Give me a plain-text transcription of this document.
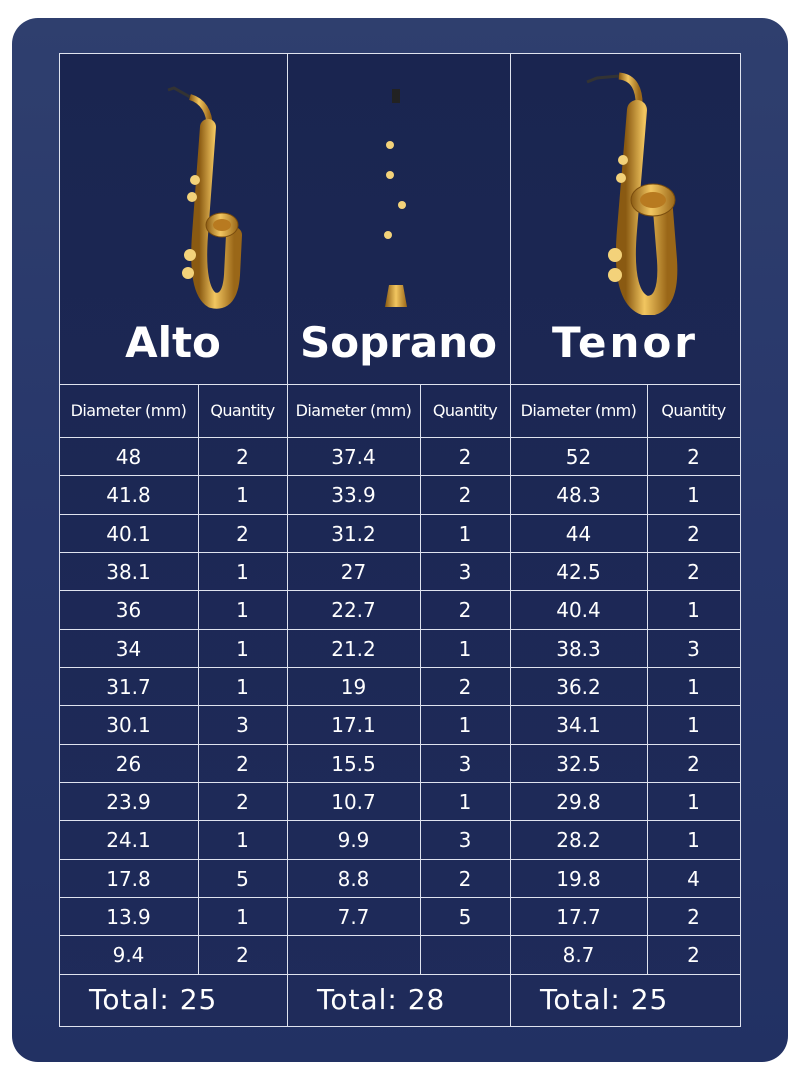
Alto
Diameter (mm)	Quantity
48	2
41.8	1
40.1	2
38.1	1
36	1
34	1
31.7	1
30.1	3
26	2
23.9	2
24.1	1
17.8	5
13.9	1
9.4	2
Total: 25
Soprano
Diameter (mm)	Quantity
37.4	2
33.9	2
31.2	1
27	3
22.7	2
21.2	1
19	2
17.1	1
15.5	3
10.7	1
9.9	3
8.8	2
7.7	5
Total: 28
Tenor
Diameter (mm)	Quantity
52	2
48.3	1
44	2
42.5	2
40.4	1
38.3	3
36.2	1
34.1	1
32.5	2
29.8	1
28.2	1
19.8	4
17.7	2
8.7	2
Total: 25
